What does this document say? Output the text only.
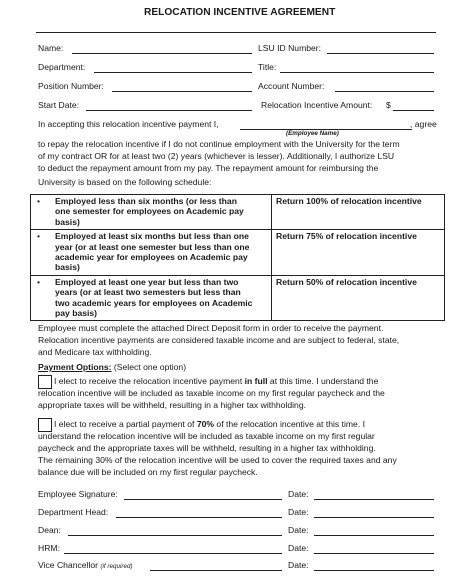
RELOCATION INCENTIVE AGREEMENT
Name:	LSU ID Number:
Department:	Title:
Position Number:	Account Number:
Start Date:	Relocation Incentive Amount: $
In accepting this relocation incentive payment I,	, agree
(Employee Name)
to repay the relocation incentive if I do not continue employment with the University for the term
of my contract OR for at least two (2) years (whichever is lesser). Additionally, I authorize LSU
to deduct the repayment amount from my pay. The repayment amount for reimbursing the
University is based on the following schedule:
• Employed less than six months (or less than
one semester for employees on Academic pay
basis)	Return 100% of relocation incentive
• Employed at least six months but less than one
year (or at least one semester but less than one
academic year for employees on Academic pay
basis)	Return 75% of relocation incentive
• Employed at least one year but less than two
years (or at least two semesters but less than
two academic years for employees on Academic
pay basis)	Return 50% of relocation incentive
Employee must complete the attached Direct Deposit form in order to receive the payment.
Relocation incentive payments are considered taxable income and are subject to federal, state,
and Medicare tax withholding.
Payment Options: (Select one option)
I elect to receive the relocation incentive payment in full at this time. I understand the
relocation incentive will be included as taxable income on my first regular paycheck and the
appropriate taxes will be withheld, resulting in a higher tax withholding.
I elect to receive a partial payment of 70% of the relocation incentive at this time. I
understand the relocation incentive will be included as taxable income on my first regular
paycheck and the appropriate taxes will be withheld, resulting in a higher tax withholding.
The remaining 30% of the relocation incentive will be used to cover the required taxes and any
balance due will be included on my first regular paycheck.
Employee Signature:	Date:
Department Head:	Date:
Dean:	Date:
HRM:	Date:
Vice Chancellor (if required)	Date:
